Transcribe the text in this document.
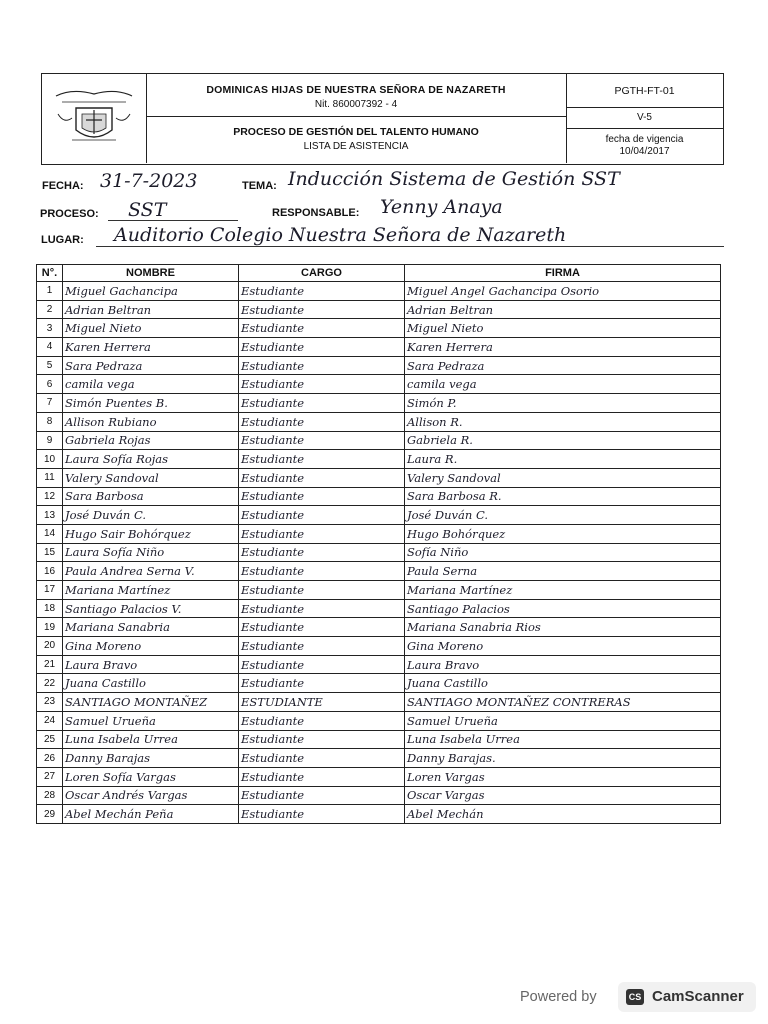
DOMINICAS HIJAS DE NUESTRA SEÑORA DE NAZARETH
Nit. 860007392 - 4
PROCESO DE GESTIÓN DEL TALENTO HUMANO
LISTA DE ASISTENCIA
PGTH-FT-01
V-5
fecha de vigencia
10/04/2017
FECHA: 31-7-2023	TEMA: Inducción Sistema de Gestión SST
PROCESO: SST	RESPONSABLE: Yenny Anaya
LUGAR: Auditorio Colegio Nuestra Señora de Nazareth
N°.	NOMBRE	CARGO	FIRMA
1	Miguel Gachancipa	Estudiante	Miguel Angel Gachancipa Osorio
2	Adrian Beltran	Estudiante	Adrian Beltran
3	Miguel Nieto	Estudiante	Miguel Nieto
4	Karen Herrera	Estudiante	Karen Herrera
5	Sara Pedraza	Estudiante	Sara Pedraza
6	camila vega	Estudiante	camila vega
7	Simón Puentes B.	Estudiante	Simón P.
8	Allison Rubiano	Estudiante	Allison R.
9	Gabriela Rojas	Estudiante	Gabriela R.
10	Laura Sofía Rojas	Estudiante	Laura R.
11	Valery Sandoval	Estudiante	Valery Sandoval
12	Sara Barbosa	Estudiante	Sara Barbosa R.
13	José Duván C.	Estudiante	José Duván C.
14	Hugo Sair Bohórquez	Estudiante	Hugo Bohórquez
15	Laura Sofía Niño	Estudiante	Sofía Niño
16	Paula Andrea Serna V.	Estudiante	Paula Serna
17	Mariana Martínez	Estudiante	Mariana Martínez
18	Santiago Palacios V.	Estudiante	Santiago Palacios
19	Mariana Sanabria	Estudiante	Mariana Sanabria Rios
20	Gina Moreno	Estudiante	Gina Moreno
21	Laura Bravo	Estudiante	Laura Bravo
22	Juana Castillo	Estudiante	Juana Castillo
23	SANTIAGO MONTAÑEZ	ESTUDIANTE	SANTIAGO MONTAÑEZ CONTRERAS
24	Samuel Urueña	Estudiante	Samuel Urueña
25	Luna Isabela Urrea	Estudiante	Luna Isabela Urrea
26	Danny Barajas	Estudiante	Danny Barajas.
27	Loren Sofía Vargas	Estudiante	Loren Vargas
28	Oscar Andrés Vargas	Estudiante	Oscar Vargas
29	Abel Mechán Peña	Estudiante	Abel Mechán
Powered by	CS CamScanner
